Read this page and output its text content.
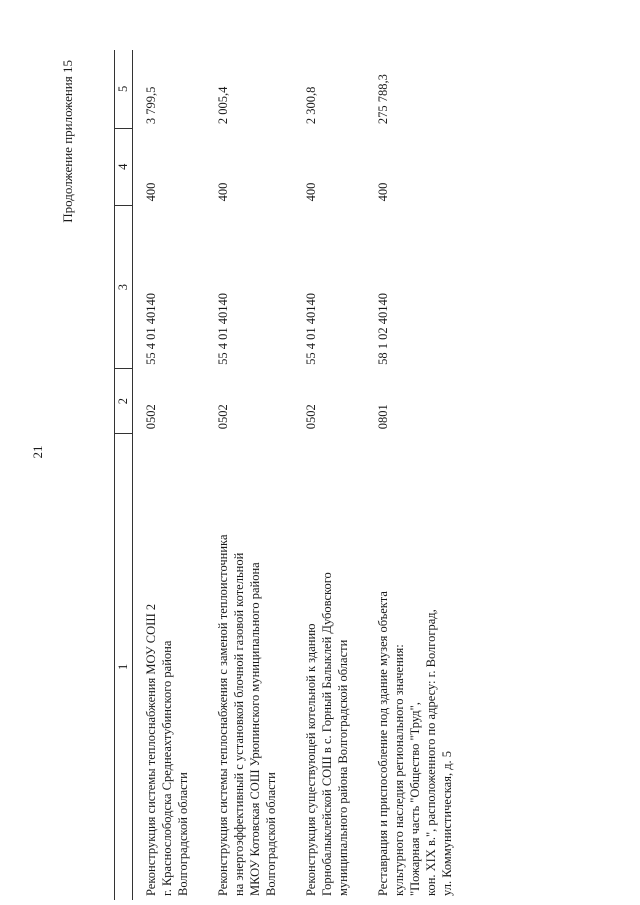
21
Продолжение приложения 15
1	2	3	4	5

Реконструкция системы теплоснабжения МОУ СОШ 2 г. Краснослободска Среднеахтубинского района Волгоградской области	0502	55 4 01 40140	400	3 799,5

Реконструкция системы теплоснабжения с заменой теплоисточника на энергоэффективный с установкой блочной газовой котельной МКОУ Котовская СОШ Урюпинского муниципального района Волгоградской области	0502	55 4 01 40140	400	2 005,4

Реконструкция существующей котельной к зданию Горнобалыклейской СОШ в с. Горный Балыклей Дубовского муниципального района Волгоградской области	0502	55 4 01 40140	400	2 300,8

Реставрация и приспособление под здание музея объекта культурного наследия регионального значения: "Пожарная часть "Общество "Труд", кон. XIX в.", расположенного по адресу: г. Волгоград, ул. Коммунистическая, д. 5	0801	58 1 02 40140	400	275 788,3
